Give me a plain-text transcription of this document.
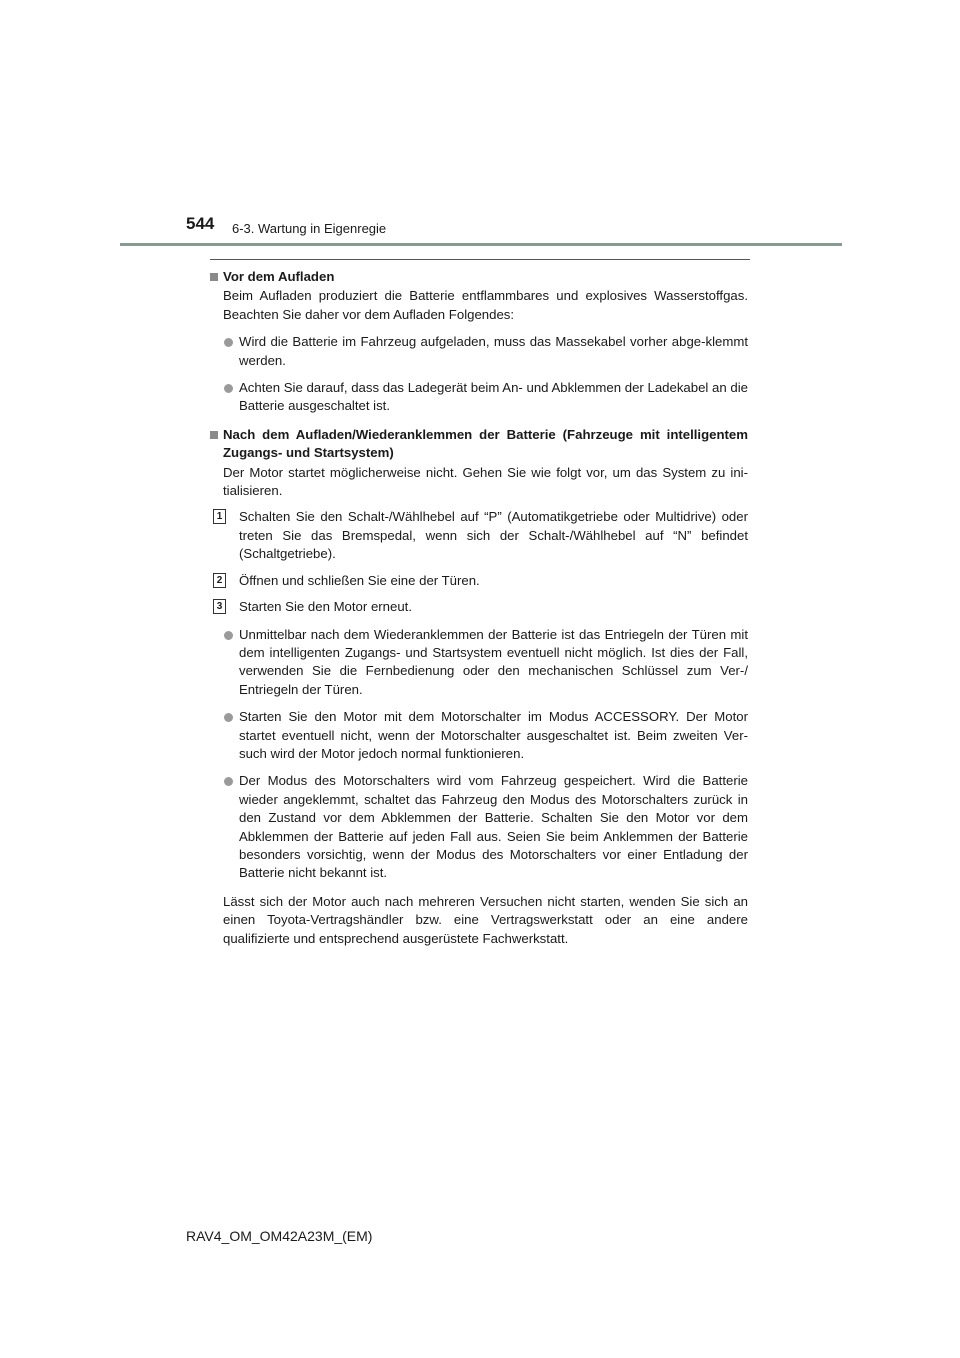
544 6-3. Wartung in Eigenregie

Vor dem Aufladen

Beim Aufladen produziert die Batterie entflammbares und explosives Wasserstoffgas. Beachten Sie daher vor dem Aufladen Folgendes:

Wird die Batterie im Fahrzeug aufgeladen, muss das Massekabel vorher abge-klemmt werden.

Achten Sie darauf, dass das Ladegerät beim An- und Abklemmen der Ladekabel an die Batterie ausgeschaltet ist.

Nach dem Aufladen/Wiederanklemmen der Batterie (Fahrzeuge mit intelligentem Zugangs- und Startsystem)

Der Motor startet möglicherweise nicht. Gehen Sie wie folgt vor, um das System zu ini-tialisieren.

1 Schalten Sie den Schalt-/Wählhebel auf “P” (Automatikgetriebe oder Multidrive) oder treten Sie das Bremspedal, wenn sich der Schalt-/Wählhebel auf “N” befindet (Schaltgetriebe).

2 Öffnen und schließen Sie eine der Türen.

3 Starten Sie den Motor erneut.

Unmittelbar nach dem Wiederanklemmen der Batterie ist das Entriegeln der Türen mit dem intelligenten Zugangs- und Startsystem eventuell nicht möglich. Ist dies der Fall, verwenden Sie die Fernbedienung oder den mechanischen Schlüssel zum Ver-/ Entriegeln der Türen.

Starten Sie den Motor mit dem Motorschalter im Modus ACCESSORY. Der Motor startet eventuell nicht, wenn der Motorschalter ausgeschaltet ist. Beim zweiten Ver-such wird der Motor jedoch normal funktionieren.

Der Modus des Motorschalters wird vom Fahrzeug gespeichert. Wird die Batterie wieder angeklemmt, schaltet das Fahrzeug den Modus des Motorschalters zurück in den Zustand vor dem Abklemmen der Batterie. Schalten Sie den Motor vor dem Abklemmen der Batterie auf jeden Fall aus. Seien Sie beim Anklemmen der Batterie besonders vorsichtig, wenn der Modus des Motorschalters vor einer Entladung der Batterie nicht bekannt ist.

Lässt sich der Motor auch nach mehreren Versuchen nicht starten, wenden Sie sich an einen Toyota-Vertragshändler bzw. eine Vertragswerkstatt oder an eine andere qualifizierte und entsprechend ausgerüstete Fachwerkstatt.

RAV4_OM_OM42A23M_(EM)
